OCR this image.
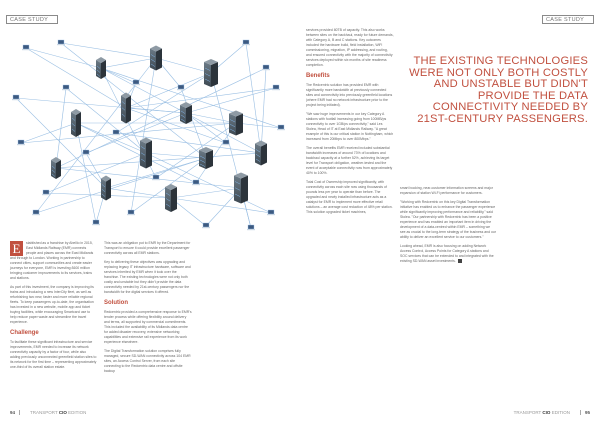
CASE STUDY	CASE STUDY
E	stablished as a franchise by Abellio in 2015, East Midlands Railway (EMR) connects people and places across the East Midlands and through to London. Working in partnership to connect cities, support communities and create easier journeys for everyone, EMR is investing £600 million bringing customer improvements to its services, trains and stations.

As part of this investment, the company is improving its trains and introducing a new InterCity fleet, as well as refurbishing two new, faster and more reliable regional fleets. To keep passengers up-to-date, the organisation has invested in a new website, mobile app and ticket buying facilities, while encouraging Smartcard use to help reduce paper waste and streamline the travel experience.

Challenge

To facilitate these significant infrastructure and service improvements, EMR needed to increase its network connectivity capacity by a factor of four, while also adding previously unconnected greenfield station sites to its network for the first time – representing approximately one-third of its overall station estate.

This was an obligation put to EMR by the Department for Transport to ensure it could provide excellent passenger connectivity across all EMR stations.

Key to delivering these objectives was upgrading and replacing legacy IT infrastructure hardware, software and services inherited by EMR when it took over the franchise. The existing technologies were not only both costly and unstable but they didn't provide the data connectivity needed by 21st-century passengers nor the bandwidth for the digital services it offered.

Solution

Redcentric provided a comprehensive response to EMR's tender process while offering flexibility around delivery and terms, all supported by commercial commitments. This included the availability of its Midlands data centre for added disaster recovery, extensive networking capabilities and extensive rail experience from its work experience elsewhere.

The Digital Transformation solution comprises fully managed, secure SD-WAN connectivity across 104 EMR sites, an Access Control Server, from each site connecting to the Redcentric data centre and offsite backup

services provided 80TB of capacity. This also works between sites on the backhaul, ready for future demands, with Category A, B and C stations. Key outcomes included the hardware build, field installation, WiFi commissioning, migration, IP addressing, and routing, and ensured connectivity with the majority of connectivity services deployed within six months of site readiness completion.

Benefits

The Redcentric solution has provided EMR with significantly more bandwidth at previously connected sites and connectivity into previously greenfield locations (where EMR had no network infrastructure prior to the project being initiated).

"We saw huge improvements in our key Category A stations with footfall increasing going from 100MB/ps connectivity to over 1GB/ps connectivity," said Les Stolea, Head of IT at East Midlands Railway. "A great example of this is our critical station in Nottingham, which increased from 20Mbps to over 800Mbps."

The overall benefits EMR received included substantial bandwidth increases of around 73% of locations and backhaul capacity at a further 52%, achieving its target level for Transport obligation, weather-tested and the event of acceptable connectivity now from approximately 40% to 100%.

Total Cost of Ownership improved significantly, with connectivity across each site now using thousands of pounds less per year to operate than before. The upgraded and newly installed infrastructure acts as a catalyst for EMR to implement more effective retail solutions – an average cost reduction of 48% per station. This solution upgraded ticket machines,

THE EXISTING TECHNOLOGIES WERE NOT ONLY BOTH COSTLY AND UNSTABLE BUT DIDN'T PROVIDE THE DATA CONNECTIVITY NEEDED BY 21ST-CENTURY PASSENGERS.

smart booking, near-customer information screens and major expansion of station Wi-Fi performance for customers.

"Working with Redcentric on this key Digital Transformation initiative has enabled us to enhance the passenger experience while significantly improving performance and reliability," said Stolea. "Our partnership with Redcentric has been a positive experience and has enabled an important item in driving the development of a data-centred within EMR – something we see as crucial to the long-term strategy of the business and our ability to deliver an excellent service to our customers."

Looking ahead, EMR is also focusing on adding Network Access Control, Access Points for Category A stations and SOC services that can be extended to and integrated with the existing SD-WAN asset investments.

94	TRANSPORT CIO EDITION	TRANSPORT CIO EDITION	95
